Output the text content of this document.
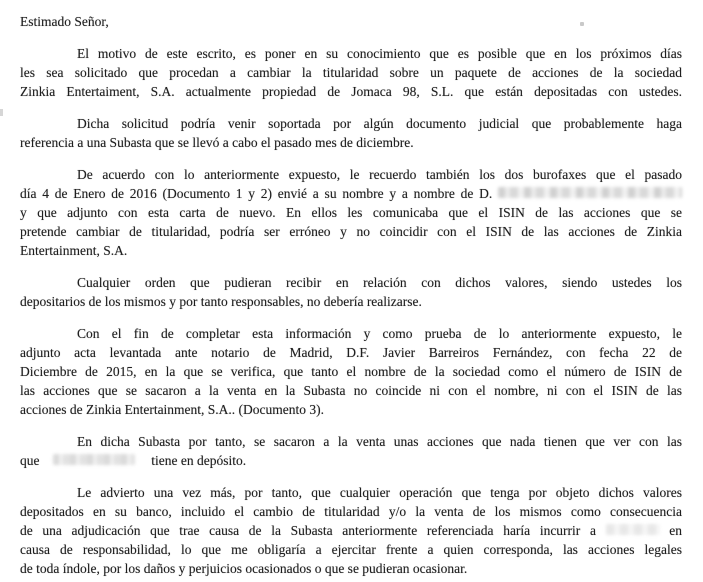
Estimado Señor,
El motivo de este escrito, es poner en su conocimiento que es posible que en los próximos días
les sea solicitado que procedan a cambiar la titularidad sobre un paquete de acciones de la sociedad
Zinkia Entertaiment, S.A. actualmente propiedad de Jomaca 98, S.L. que están depositadas con ustedes.
Dicha solicitud podría venir soportada por algún documento judicial que probablemente haga
referencia a una Subasta que se llevó a cabo el pasado mes de diciembre.
De acuerdo con lo anteriormente expuesto, le recuerdo también los dos burofaxes que el pasado
día 4 de Enero de 2016 (Documento 1 y 2) envié a su nombre y a nombre de D.
y que adjunto con esta carta de nuevo. En ellos les comunicaba que el ISIN de las acciones que se
pretende cambiar de titularidad, podría ser erróneo y no coincidir con el ISIN de las acciones de Zinkia
Entertainment, S.A.
Cualquier orden que pudieran recibir en relación con dichos valores, siendo ustedes los
depositarios de los mismos y por tanto responsables, no debería realizarse.
Con el fin de completar esta información y como prueba de lo anteriormente expuesto, le
adjunto acta levantada ante notario de Madrid, D.F. Javier Barreiros Fernández, con fecha 22 de
Diciembre de 2015, en la que se verifica, que tanto el nombre de la sociedad como el número de ISIN de
las acciones que se sacaron a la venta en la Subasta no coincide ni con el nombre, ni con el ISIN de las
acciones de Zinkia Entertainment, S.A.. (Documento 3).
En dicha Subasta por tanto, se sacaron a la venta unas acciones que nada tienen que ver con las
que	tiene en depósito.
Le advierto una vez más, por tanto, que cualquier operación que tenga por objeto dichos valores
depositados en su banco, incluido el cambio de titularidad y/o la venta de los mismos como consecuencia
de una adjudicación que trae causa de la Subasta anteriormente referenciada haría incurrir a	en
causa de responsabilidad, lo que me obligaría a ejercitar frente a quien corresponda, las acciones legales
de toda índole, por los daños y perjuicios ocasionados o que se pudieran ocasionar.
